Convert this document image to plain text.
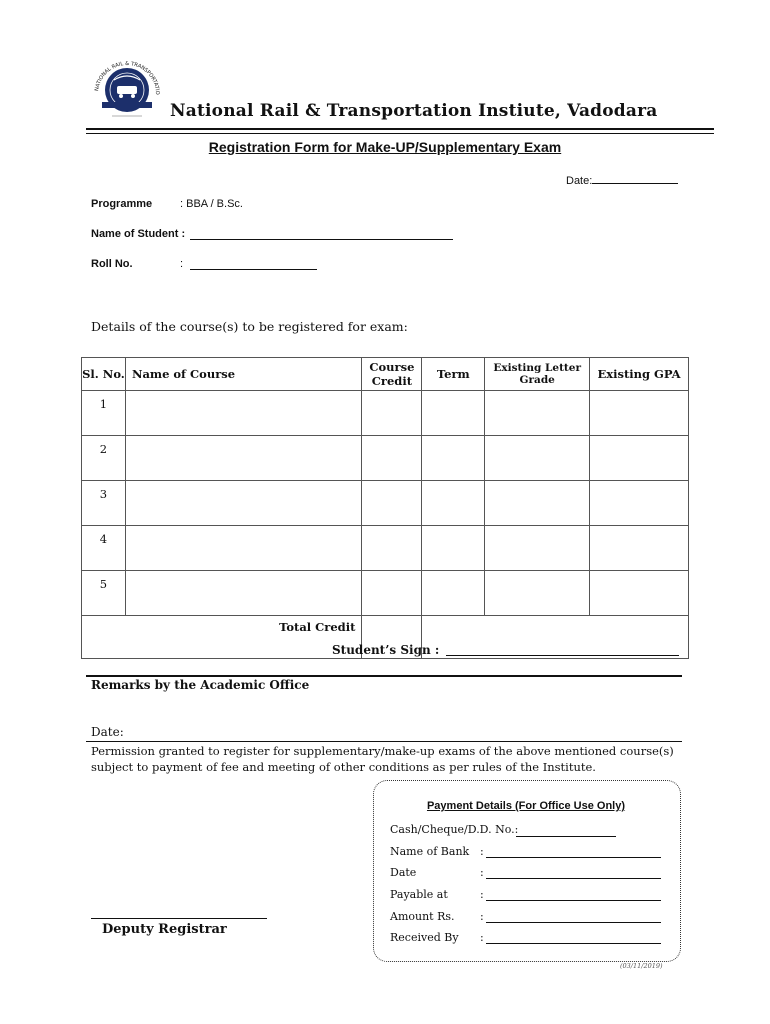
NATIONAL RAIL & TRANSPORTATIO
National Rail & Transportation Instiute, Vadodara
Registration Form for Make-UP/Supplementary Exam
Date:
Programme	: BBA / B.Sc.
Name of Student :
Roll No.	:
Details of the course(s) to be registered for exam:
Sl. No.	Name of Course	Course Credit	Term	Existing Letter Grade	Existing GPA
1					
2					
3					
4					
5					
Total Credit					
Student’s Sign :
Remarks by the Academic Office
Date:
Permission granted to register for supplementary/make-up exams of the above mentioned course(s) subject to payment of fee and meeting of other conditions as per rules of the Institute.
Payment Details (For Office Use Only)
Cash/Cheque/D.D. No.:
Name of Bank :
Date	:
Payable at	:
Amount Rs. :
Received By :
Deputy Registrar
(03/11/2019)
